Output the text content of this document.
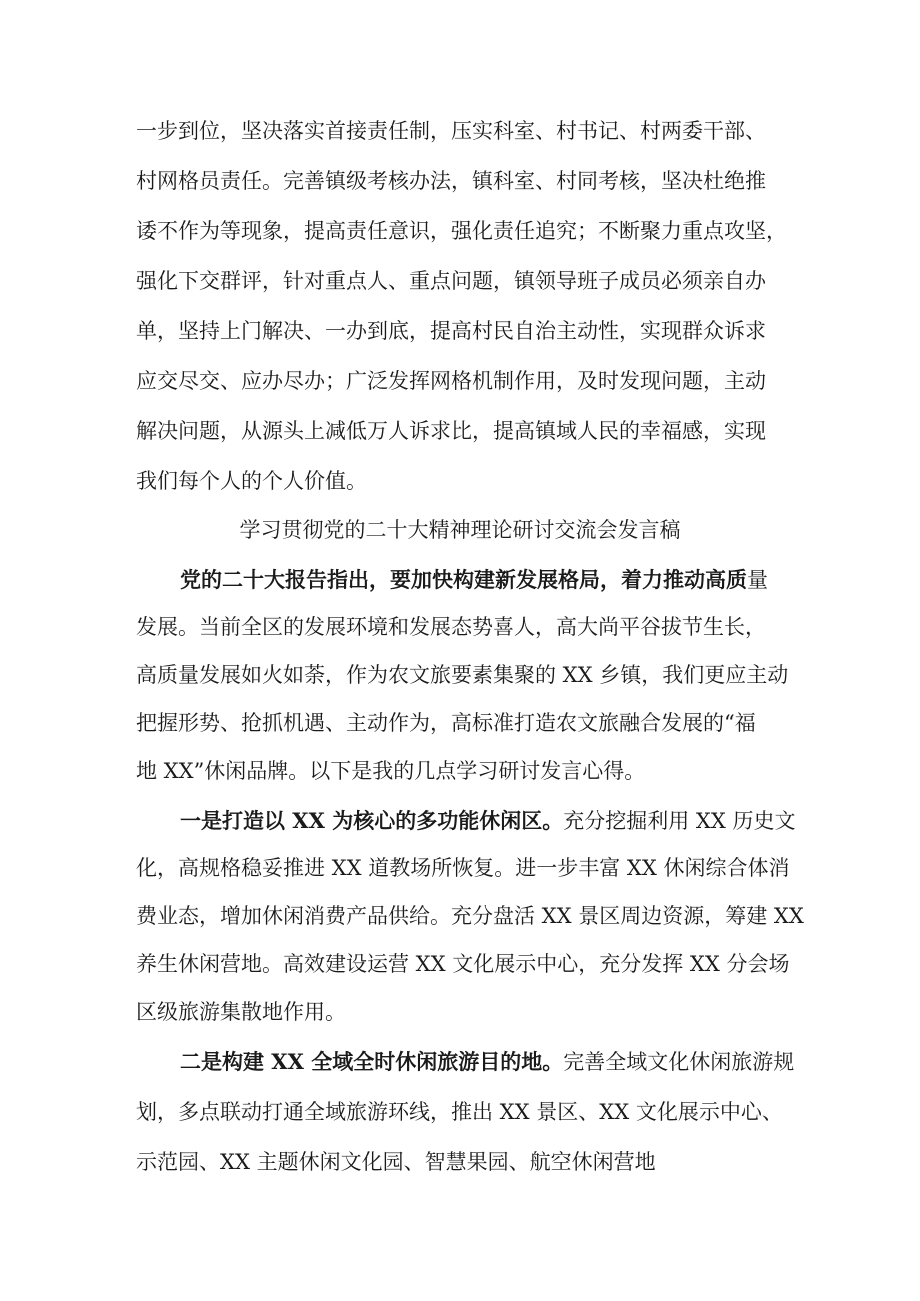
一步到位，坚决落实首接责任制，压实科室、村书记、村两委干部、
村网格员责任。完善镇级考核办法，镇科室、村同考核，坚决杜绝推
诿不作为等现象，提高责任意识，强化责任追究；不断聚力重点攻坚，
强化下交群评，针对重点人、重点问题，镇领导班子成员必须亲自办
单，坚持上门解决、一办到底，提高村民自治主动性，实现群众诉求
应交尽交、应办尽办；广泛发挥网格机制作用，及时发现问题，主动
解决问题，从源头上减低万人诉求比，提高镇域人民的幸福感，实现
我们每个人的个人价值。
学习贯彻党的二十大精神理论研讨交流会发言稿
党的二十大报告指出，要加快构建新发展格局，着力推动高质量
发展。当前全区的发展环境和发展态势喜人，高大尚平谷拔节生长，
高质量发展如火如荼，作为农文旅要素集聚的 XX 乡镇，我们更应主动
把握形势、抢抓机遇、主动作为，高标准打造农文旅融合发展的“福
地 XX”休闲品牌。以下是我的几点学习研讨发言心得。
一是打造以 XX 为核心的多功能休闲区。充分挖掘利用 XX 历史文
化，高规格稳妥推进 XX 道教场所恢复。进一步丰富 XX 休闲综合体消
费业态，增加休闲消费产品供给。充分盘活 XX 景区周边资源，筹建 XX
养生休闲营地。高效建设运营 XX 文化展示中心，充分发挥 XX 分会场
区级旅游集散地作用。
二是构建 XX 全域全时休闲旅游目的地。完善全域文化休闲旅游规
划，多点联动打通全域旅游环线，推出 XX 景区、XX 文化展示中心、
示范园、XX 主题休闲文化园、智慧果园、航空休闲营地
